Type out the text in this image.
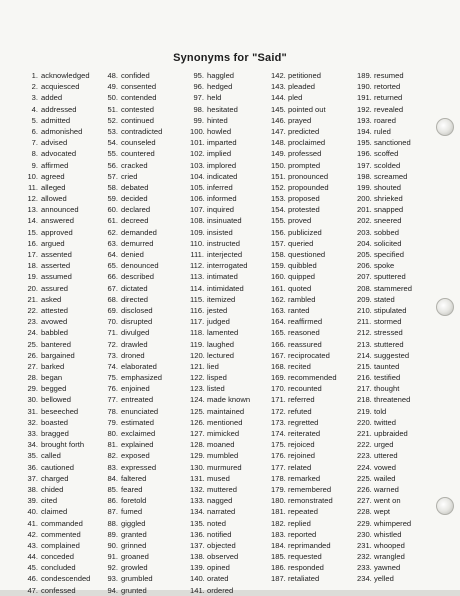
Synonyms for "Said"
1. acknowledged
2. acquiesced
3. added
4. addressed
5. admitted
6. admonished
7. advised
8. advocated
9. affirmed
10. agreed
11. alleged
12. allowed
13. announced
14. answered
15. approved
16. argued
17. assented
18. asserted
19. assumed
20. assured
21. asked
22. attested
23. avowed
24. babbled
25. bantered
26. bargained
27. barked
28. began
29. begged
30. bellowed
31. beseeched
32. boasted
33. bragged
34. brought forth
35. called
36. cautioned
37. charged
38. chided
39. cited
40. claimed
41. commanded
42. commented
43. complained
44. conceded
45. concluded
46. condescended
47. confessed
48. confided
49. consented
50. contended
51. contested
52. continued
53. contradicted
54. counseled
55. countered
56. cracked
57. cried
58. debated
59. decided
60. declared
61. decreed
62. demanded
63. demurred
64. denied
65. denounced
66. described
67. dictated
68. directed
69. disclosed
70. disrupted
71. divulged
72. drawled
73. droned
74. elaborated
75. emphasized
76. enjoined
77. entreated
78. enunciated
79. estimated
80. exclaimed
81. explained
82. exposed
83. expressed
84. faltered
85. feared
86. foretold
87. fumed
88. giggled
89. granted
90. grinned
91. groaned
92. growled
93. grumbled
94. grunted
95. haggled
96. hedged
97. held
98. hesitated
99. hinted
100. howled
101. imparted
102. implied
103. implored
104. indicated
105. inferred
106. informed
107. inquired
108. insinuated
109. insisted
110. instructed
111. interjected
112. interrogated
113. intimated
114. intimidated
115. itemized
116. jested
117. judged
118. lamented
119. laughed
120. lectured
121. lied
122. lisped
123. listed
124. made known
125. maintained
126. mentioned
127. mimicked
128. moaned
129. mumbled
130. murmured
131. mused
132. muttered
133. nagged
134. narrated
135. noted
136. notified
137. objected
138. observed
139. opined
140. orated
141. ordered
142. petitioned
143. pleaded
144. pled
145. pointed out
146. prayed
147. predicted
148. proclaimed
149. professed
150. prompted
151. pronounced
152. propounded
153. proposed
154. protested
155. proved
156. publicized
157. queried
158. questioned
159. quibbled
160. quipped
161. quoted
162. rambled
163. ranted
164. reaffirmed
165. reasoned
166. reassured
167. reciprocated
168. recited
169. recommended
170. recounted
171. referred
172. refuted
173. regretted
174. reiterated
175. rejoiced
176. rejoined
177. related
178. remarked
179. remembered
180. remonstrated
181. repeated
182. replied
183. reported
184. reprimanded
185. requested
186. responded
187. retaliated
189. resumed
190. retorted
191. returned
192. revealed
193. roared
194. ruled
195. sanctioned
196. scoffed
197. scolded
198. screamed
199. shouted
200. shrieked
201. snapped
202. sneered
203. sobbed
204. solicited
205. specified
206. spoke
207. sputtered
208. stammered
209. stated
210. stipulated
211. stormed
212. stressed
213. stuttered
214. suggested
215. taunted
216. testified
217. thought
218. threatened
219. told
220. twitted
221. upbraided
222. urged
223. uttered
224. vowed
225. wailed
226. warned
227. went on
228. wept
229. whimpered
230. whistled
231. whooped
232. wrangled
233. yawned
234. yelled
